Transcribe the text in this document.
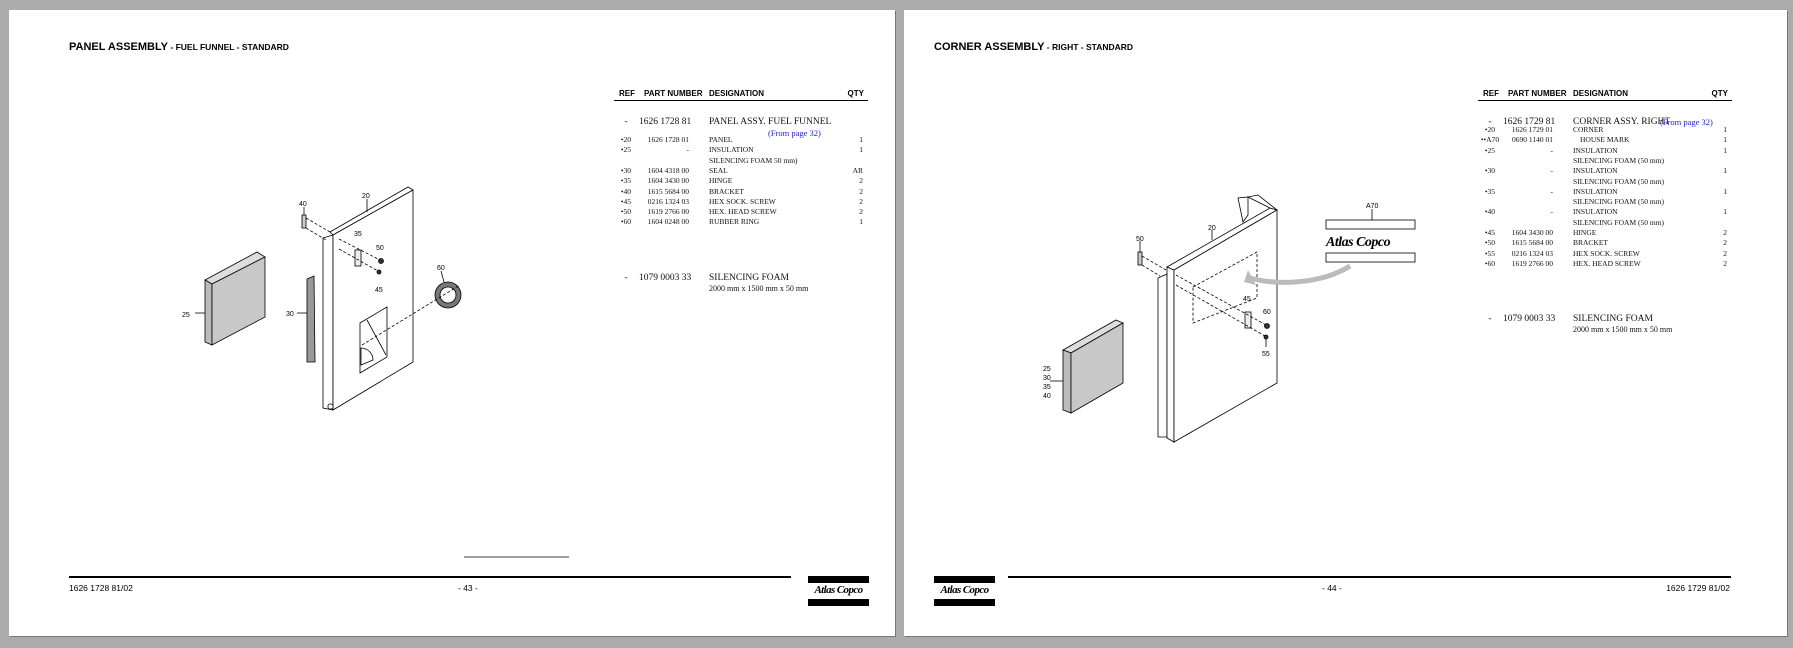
PANEL ASSEMBLY - FUEL FUNNEL - STANDARD	CORNER ASSEMBLY - RIGHT - STANDARD
REF PART NUMBER DESIGNATION	QTY
-	1626 1728 81 PANEL ASSY. FUEL FUNNEL
(From page 32)
•20	1626 1728 01	PANEL	1
•25	-	INSULATION	1
SILENCING FOAM 50 mm)
•30	1604 4318 00	SEAL	AR
•35	1604 3430 00	HINGE	2
•40	1615 5684 00	BRACKET	2
•45	0216 1324 03	HEX SOCK. SCREW	2
•50	1619 2766 00	HEX. HEAD SCREW	2
•60	1604 0248 00	RUBBER RING	1
-	1079 0003 33 SILENCING FOAM
2000 mm x 1500 mm x 50 mm
REF PART NUMBER DESIGNATION	QTY
-	1626 1729 81 CORNER ASSY. RIGHT
(From page 32)
•20	1626 1729 01	CORNER	1
••A70	0690 1140 01	HOUSE MARK	1
•25	-	INSULATION	1
SILENCING FOAM (50 mm)
•30	-	INSULATION	1
SILENCING FOAM (50 mm)
•35	-	INSULATION	1
SILENCING FOAM (50 mm)
•40	-	INSULATION	1
SILENCING FOAM (50 mm)
•45	1604 3430 00	HINGE	2
•50	1615 5684 00	BRACKET	2
•55	0216 1324 03	HEX SOCK. SCREW	2
•60	1619 2766 00	HEX. HEAD SCREW	2
-	1079 0003 33 SILENCING FOAM
2000 mm x 1500 mm x 50 mm
25	30
20
40
35
50
45
60
Atlas Copco
25
30
35
40
50
20
45
60
55
A70
1626 1728 81/02	- 43 -	Atlas Copco	Atlas Copco	- 44 -	1626 1729 81/02
